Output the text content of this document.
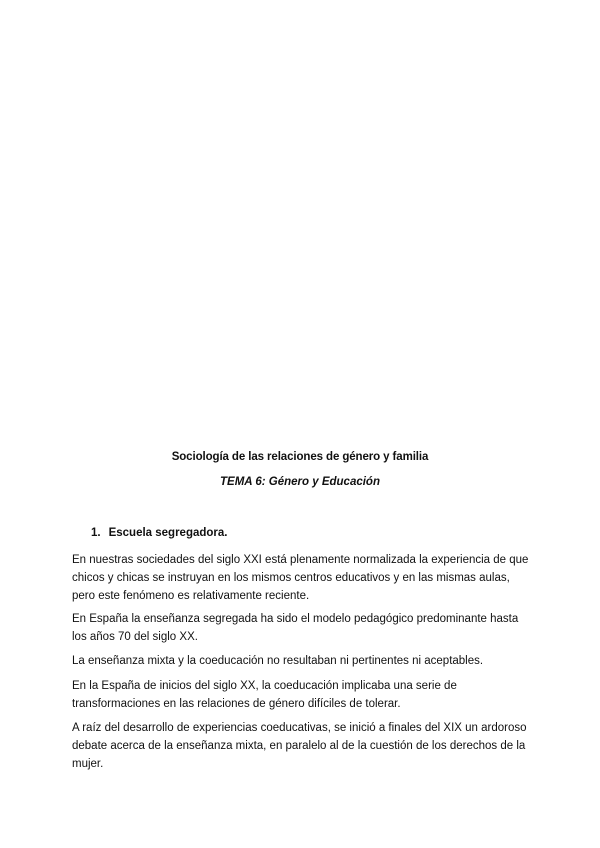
Sociología de las relaciones de género y familia
TEMA 6: Género y Educación
1. Escuela segregadora.

En nuestras sociedades del siglo XXI está plenamente normalizada la experiencia de que chicos y chicas se instruyan en los mismos centros educativos y en las mismas aulas, pero este fenómeno es relativamente reciente.

En España la enseñanza segregada ha sido el modelo pedagógico predominante hasta los años 70 del siglo XX.

La enseñanza mixta y la coeducación no resultaban ni pertinentes ni aceptables.

En la España de inicios del siglo XX, la coeducación implicaba una serie de transformaciones en las relaciones de género difíciles de tolerar.

A raíz del desarrollo de experiencias coeducativas, se inició a finales del XIX un ardoroso debate acerca de la enseñanza mixta, en paralelo al de la cuestión de los derechos de la mujer.
